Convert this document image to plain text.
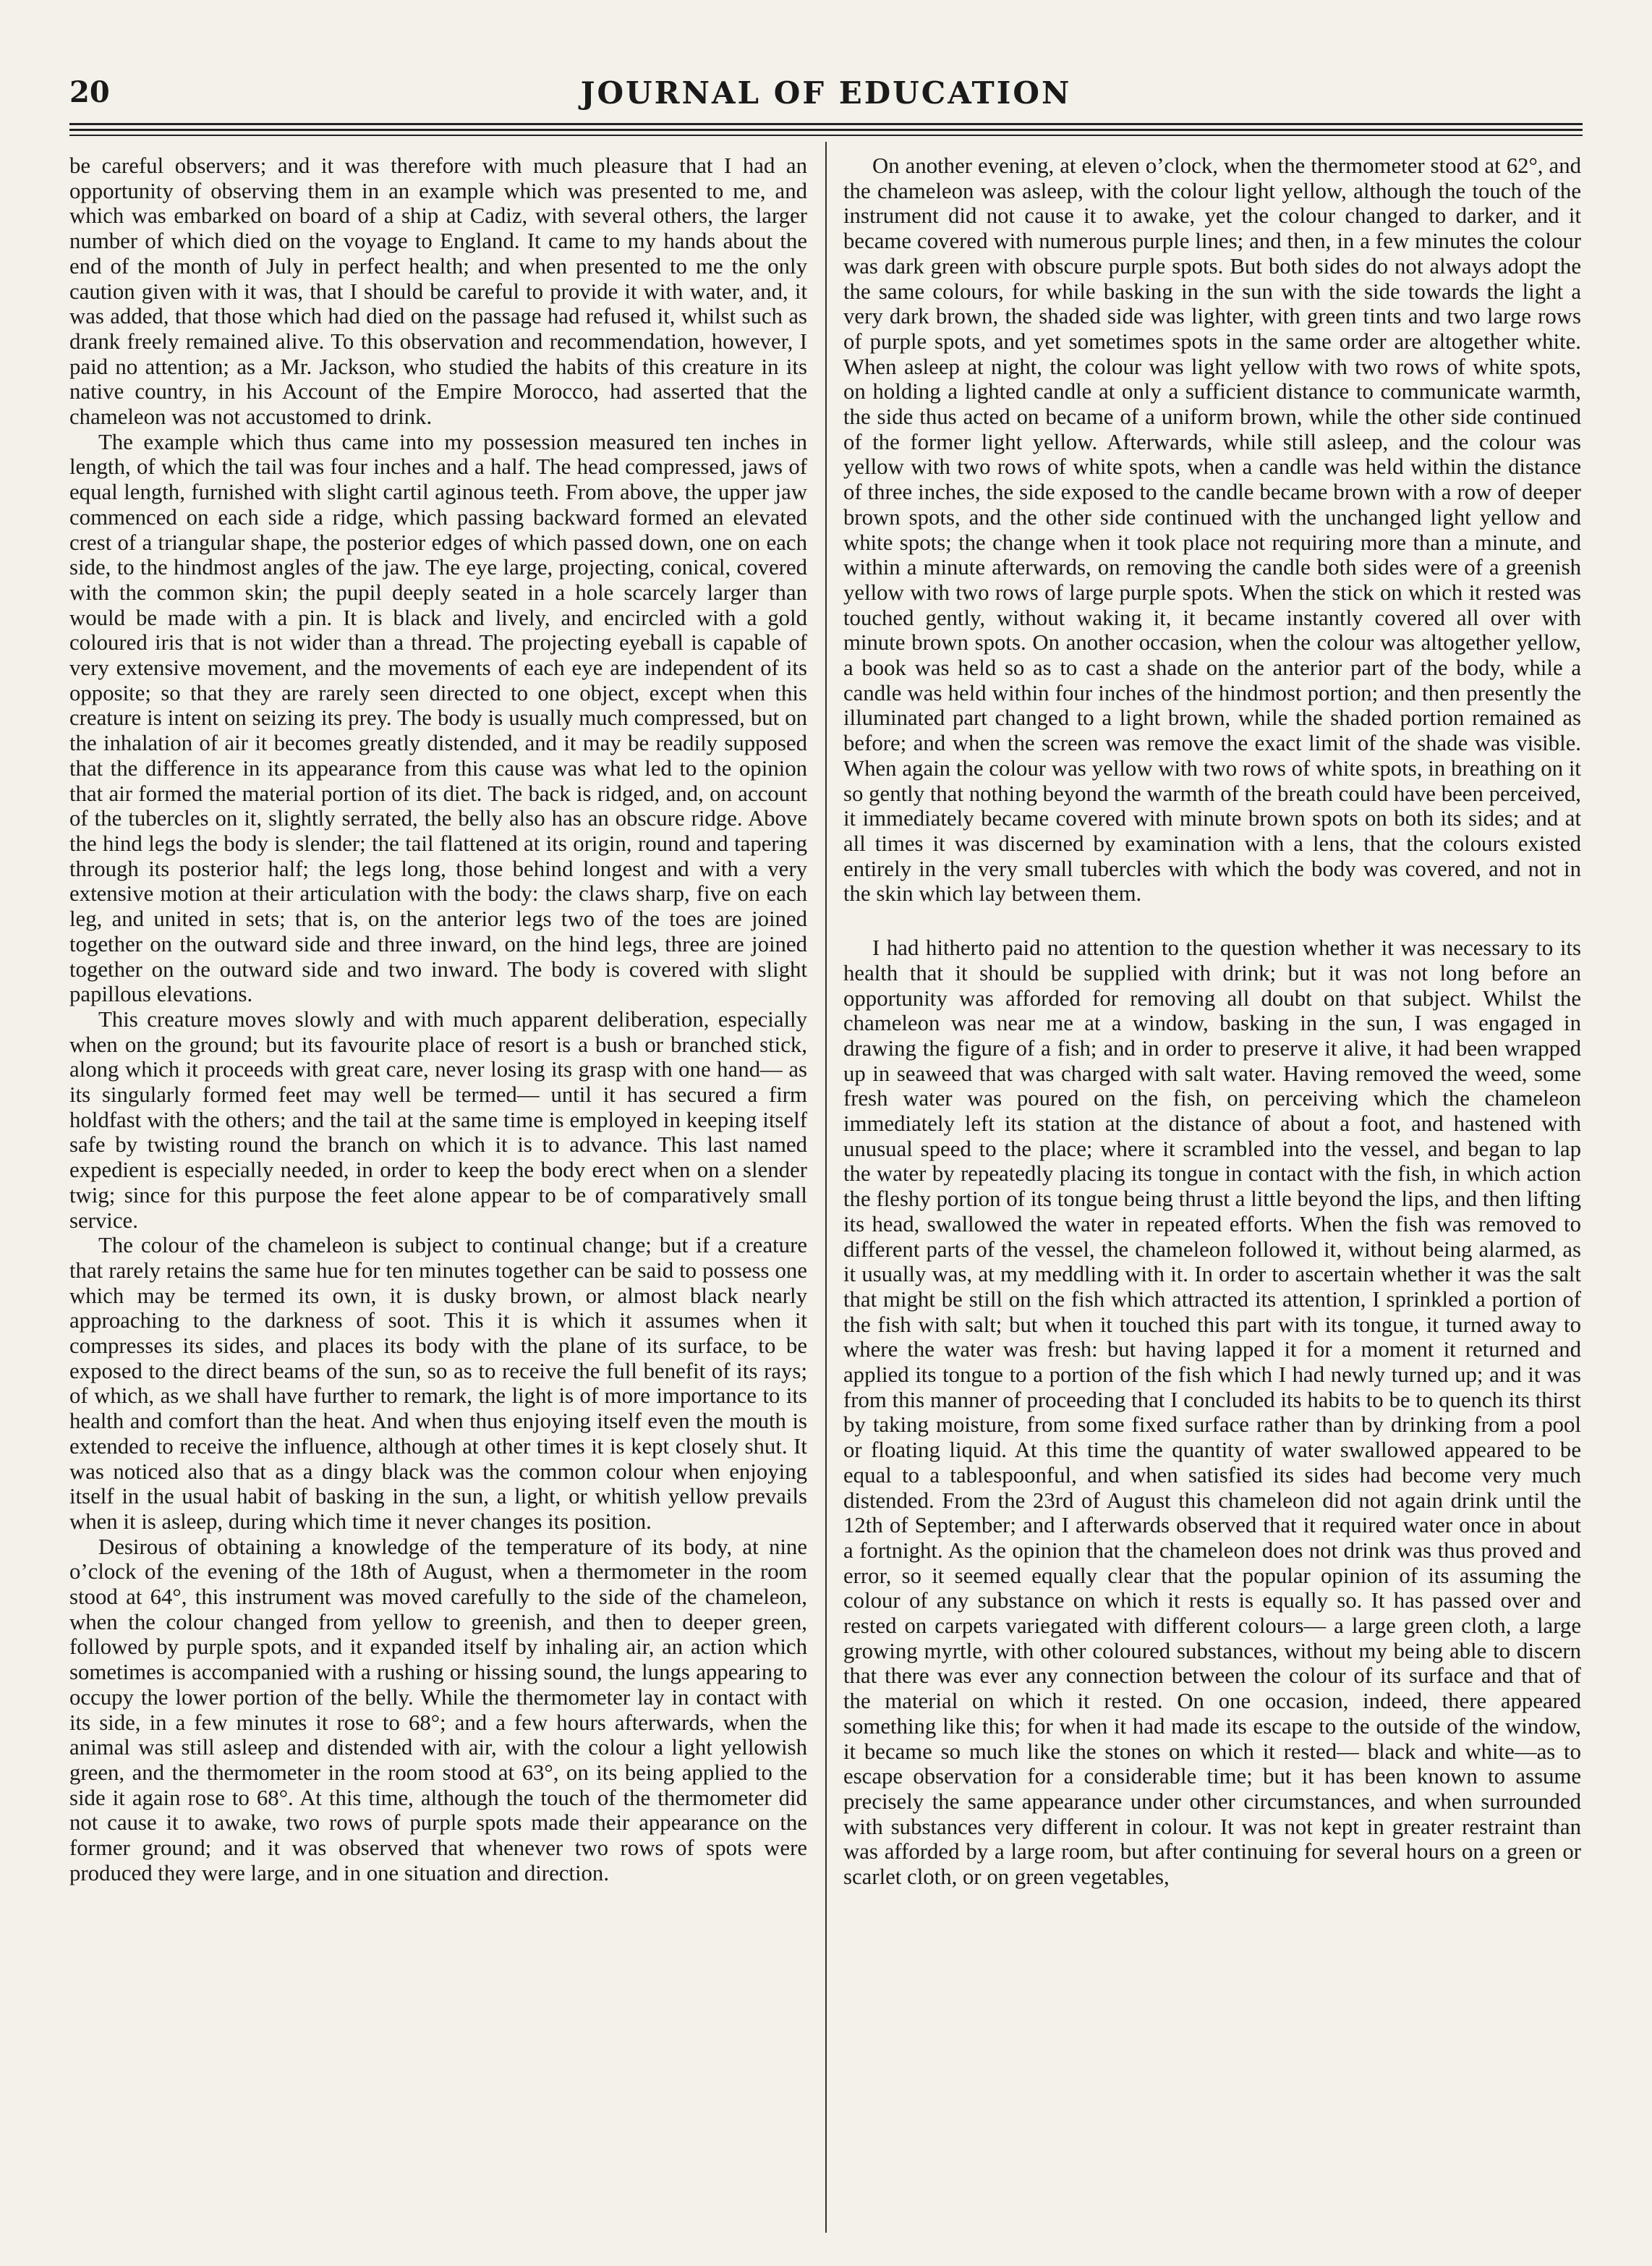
20	JOURNAL OF EDUCATION

be careful observers; and it was therefore with much pleasure that I had an opportunity of observing them in an example which was presented to me, and which was embarked on board of a ship at Cadiz, with several others, the larger number of which died on the voyage to England. It came to my hands about the end of the month of July in perfect health; and when presented to me the only caution given with it was, that I should be careful to provide it with water, and, it was added, that those which had died on the passage had refused it, whilst such as drank freely remained alive. To this observation and recommendation, however, I paid no attention; as a Mr. Jackson, who studied the habits of this creature in its native country, in his Account of the Empire Morocco, had asserted that the chameleon was not accustomed to drink.

The example which thus came into my possession measured ten inches in length, of which the tail was four inches and a half. The head compressed, jaws of equal length, furnished with slight cartil aginous teeth. From above, the upper jaw commenced on each side a ridge, which passing backward formed an elevated crest of a triangular shape, the posterior edges of which passed down, one on each side, to the hindmost angles of the jaw. The eye large, projecting, conical, covered with the common skin; the pupil deeply seated in a hole scarcely larger than would be made with a pin. It is black and lively, and encircled with a gold coloured iris that is not wider than a thread. The projecting eyeball is capable of very extensive movement, and the movements of each eye are independent of its opposite; so that they are rarely seen directed to one object, except when this creature is intent on seizing its prey. The body is usually much compressed, but on the inhalation of air it becomes greatly distended, and it may be readily supposed that the difference in its appearance from this cause was what led to the opinion that air formed the material portion of its diet. The back is ridged, and, on account of the tubercles on it, slightly serrated, the belly also has an obscure ridge. Above the hind legs the body is slender; the tail flattened at its origin, round and tapering through its posterior half; the legs long, those behind longest and with a very extensive motion at their articulation with the body: the claws sharp, five on each leg, and united in sets; that is, on the anterior legs two of the toes are joined together on the outward side and three inward, on the hind legs, three are joined together on the outward side and two inward. The body is covered with slight papillous elevations.

This creature moves slowly and with much apparent deliberation, especially when on the ground; but its favourite place of resort is a bush or branched stick, along which it proceeds with great care, never losing its grasp with one hand— as its singularly formed feet may well be termed— until it has secured a firm holdfast with the others; and the tail at the same time is employed in keeping itself safe by twisting round the branch on which it is to advance. This last named expedient is especially needed, in order to keep the body erect when on a slender twig; since for this purpose the feet alone appear to be of comparatively small service.

The colour of the chameleon is subject to continual change; but if a creature that rarely retains the same hue for ten minutes together can be said to possess one which may be termed its own, it is dusky brown, or almost black nearly approaching to the darkness of soot. This it is which it assumes when it compresses its sides, and places its body with the plane of its surface, to be exposed to the direct beams of the sun, so as to receive the full benefit of its rays; of which, as we shall have further to remark, the light is of more importance to its health and comfort than the heat. And when thus enjoying itself even the mouth is extended to receive the influence, although at other times it is kept closely shut. It was noticed also that as a dingy black was the common colour when enjoying itself in the usual habit of basking in the sun, a light, or whitish yellow prevails when it is asleep, during which time it never changes its position.

Desirous of obtaining a knowledge of the temperature of its body, at nine o’clock of the evening of the 18th of August, when a thermometer in the room stood at 64°, this instrument was moved carefully to the side of the chameleon, when the colour changed from yellow to greenish, and then to deeper green, followed by purple spots, and it expanded itself by inhaling air, an action which sometimes is accompanied with a rushing or hissing sound, the lungs appearing to occupy the lower portion of the belly. While the thermometer lay in contact with its side, in a few minutes it rose to 68°; and a few hours afterwards, when the animal was still asleep and distended with air, with the colour a light yellowish green, and the thermometer in the room stood at 63°, on its being applied to the side it again rose to 68°. At this time, although the touch of the thermometer did not cause it to awake, two rows of purple spots made their appearance on the former ground; and it was observed that whenever two rows of spots were produced they were large, and in one situation and direction.

On another evening, at eleven o’clock, when the thermometer stood at 62°, and the chameleon was asleep, with the colour light yellow, although the touch of the instrument did not cause it to awake, yet the colour changed to darker, and it became covered with numerous purple lines; and then, in a few minutes the colour was dark green with obscure purple spots. But both sides do not always adopt the the same colours, for while basking in the sun with the side towards the light a very dark brown, the shaded side was lighter, with green tints and two large rows of purple spots, and yet sometimes spots in the same order are altogether white. When asleep at night, the colour was light yellow with two rows of white spots, on holding a lighted candle at only a sufficient distance to communicate warmth, the side thus acted on became of a uniform brown, while the other side continued of the former light yellow. Afterwards, while still asleep, and the colour was yellow with two rows of white spots, when a candle was held within the distance of three inches, the side exposed to the candle became brown with a row of deeper brown spots, and the other side continued with the unchanged light yellow and white spots; the change when it took place not requiring more than a minute, and within a minute afterwards, on removing the candle both sides were of a greenish yellow with two rows of large purple spots. When the stick on which it rested was touched gently, without waking it, it became instantly covered all over with minute brown spots. On another occasion, when the colour was altogether yellow, a book was held so as to cast a shade on the anterior part of the body, while a candle was held within four inches of the hindmost portion; and then presently the illuminated part changed to a light brown, while the shaded portion remained as before; and when the screen was remove the exact limit of the shade was visible. When again the colour was yellow with two rows of white spots, in breathing on it so gently that nothing beyond the warmth of the breath could have been perceived, it immediately became covered with minute brown spots on both its sides; and at all times it was discerned by examination with a lens, that the colours existed entirely in the very small tubercles with which the body was covered, and not in the skin which lay between them.

I had hitherto paid no attention to the question whether it was necessary to its health that it should be supplied with drink; but it was not long before an opportunity was afforded for removing all doubt on that subject. Whilst the chameleon was near me at a window, basking in the sun, I was engaged in drawing the figure of a fish; and in order to preserve it alive, it had been wrapped up in seaweed that was charged with salt water. Having removed the weed, some fresh water was poured on the fish, on perceiving which the chameleon immediately left its station at the distance of about a foot, and hastened with unusual speed to the place; where it scrambled into the vessel, and began to lap the water by repeatedly placing its tongue in contact with the fish, in which action the fleshy portion of its tongue being thrust a little beyond the lips, and then lifting its head, swallowed the water in repeated efforts. When the fish was removed to different parts of the vessel, the chameleon followed it, without being alarmed, as it usually was, at my meddling with it. In order to ascertain whether it was the salt that might be still on the fish which attracted its attention, I sprinkled a portion of the fish with salt; but when it touched this part with its tongue, it turned away to where the water was fresh: but having lapped it for a moment it returned and applied its tongue to a portion of the fish which I had newly turned up; and it was from this manner of proceeding that I concluded its habits to be to quench its thirst by taking moisture, from some fixed surface rather than by drinking from a pool or floating liquid. At this time the quantity of water swallowed appeared to be equal to a tablespoonful, and when satisfied its sides had become very much distended. From the 23rd of August this chameleon did not again drink until the 12th of September; and I afterwards observed that it required water once in about a fortnight. As the opinion that the chameleon does not drink was thus proved and error, so it seemed equally clear that the popular opinion of its assuming the colour of any substance on which it rests is equally so. It has passed over and rested on carpets variegated with different colours— a large green cloth, a large growing myrtle, with other coloured substances, without my being able to discern that there was ever any connection between the colour of its surface and that of the material on which it rested. On one occasion, indeed, there appeared something like this; for when it had made its escape to the outside of the window, it became so much like the stones on which it rested— black and white—as to escape observation for a considerable time; but it has been known to assume precisely the same appearance under other circumstances, and when surrounded with substances very different in colour. It was not kept in greater restraint than was afforded by a large room, but after continuing for several hours on a green or scarlet cloth, or on green vegetables,
